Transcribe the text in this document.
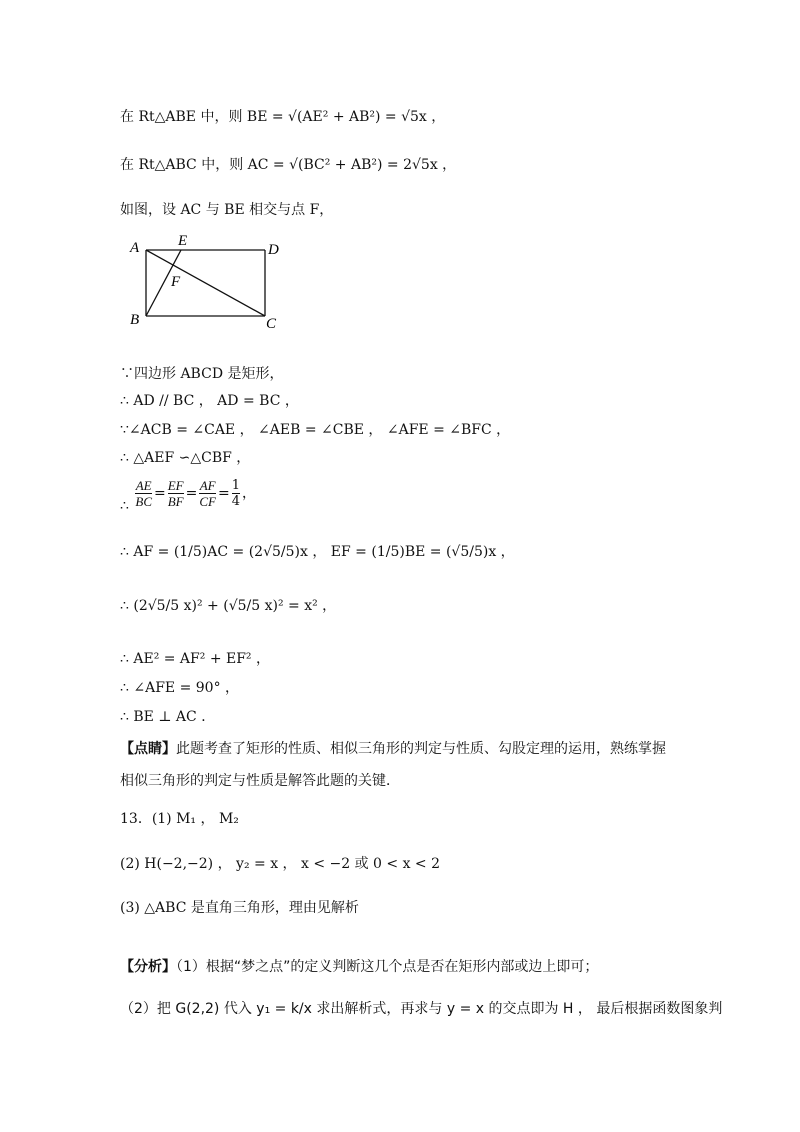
在 Rt△ABE 中，则 BE = √(AE² + AB²) = √5x ，
在 Rt△ABC 中，则 AC = √(BC² + AB²) = 2√5x ，
如图，设 AC 与 BE 相交与点 F，
A	E
D
F
B	C
∵四边形 ABCD 是矩形，
∴ AD // BC ， AD = BC ，
∵∠ACB = ∠CAE ， ∠AEB = ∠CBE ， ∠AFE = ∠BFC ，
∴ △AEF ∽△CBF ，
∴ $\frac{AE}{BC} = \frac{EF}{BF} = \frac{AF}{CF} = \frac{1}{4}$ ，
∴ AF = (1/5)AC = (2√5/5)x ， EF = (1/5)BE = (√5/5)x ，
∴ (2√5/5 x)² + (√5/5 x)² = x² ，
∴ AE² = AF² + EF² ，
∴ ∠AFE = 90° ，
∴ BE ⊥ AC ．
【点睛】此题考查了矩形的性质、相似三角形的判定与性质、勾股定理的运用，熟练掌握
相似三角形的判定与性质是解答此题的关键．
13．(1) M₁ ， M₂
(2) H(−2,−2) ， y₂ = x ， x < −2 或 0 < x < 2
(3) △ABC 是直角三角形，理由见解析
【分析】（1）根据“梦之点”的定义判断这几个点是否在矩形内部或边上即可；
（2）把 G(2,2) 代入 y₁ = k/x 求出解析式，再求与 y = x 的交点即为 H ， 最后根据函数图象判
